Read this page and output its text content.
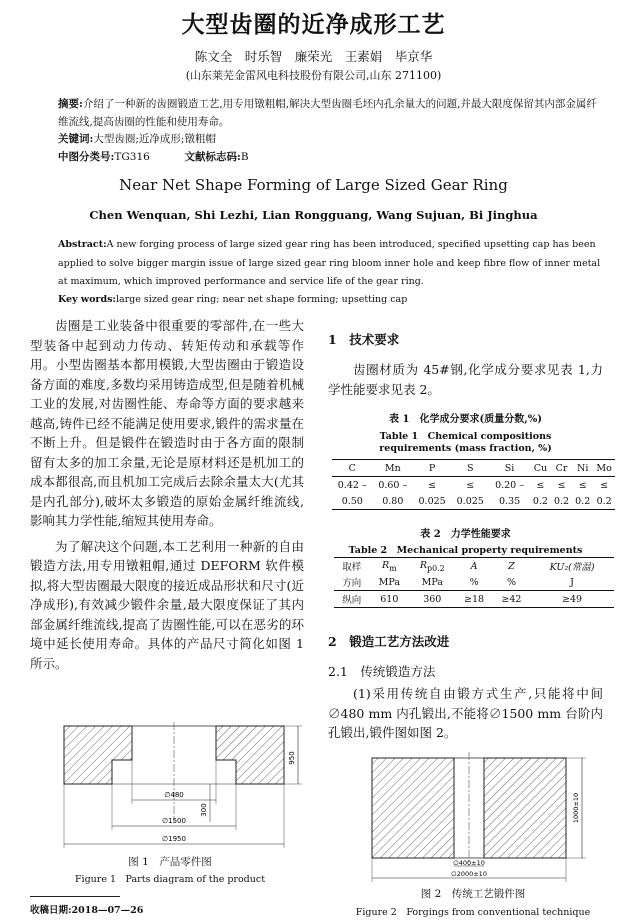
大型齿圈的近净成形工艺
陈文全　时乐智　廉荣光　王素娟　毕京华
(山东莱芜金雷风电科技股份有限公司,山东 271100)
摘要:介绍了一种新的齿圈锻造工艺,用专用镦粗帽,解决大型齿圈毛坯内孔余量大的问题,并最大限度保留其内部金属纤维流线,提高齿圈的性能和使用寿命。
关键词:大型齿圈;近净成形;镦粗帽
中图分类号:TG316	文献标志码:B
Near Net Shape Forming of Large Sized Gear Ring
Chen Wenquan, Shi Lezhi, Lian Rongguang, Wang Sujuan, Bi Jinghua
Abstract:A new forging process of large sized gear ring has been introduced, specified upsetting cap has been applied to solve bigger margin issue of large sized gear ring bloom inner hole and keep fibre flow of inner metal at maximum, which improved performance and service life of the gear ring.
Key words:large sized gear ring; near net shape forming; upsetting cap

齿圈是工业装备中很重要的零部件,在一些大型装备中起到动力传动、转矩传动和承载等作用。小型齿圈基本都用模锻,大型齿圈由于锻造设备方面的难度,多数均采用铸造成型,但是随着机械工业的发展,对齿圈性能、寿命等方面的要求越来越高,铸件已经不能满足使用要求,锻件的需求量在不断上升。但是锻件在锻造时由于各方面的限制留有太多的加工余量,无论是原材料还是机加工的成本都很高,而且机加工完成后去除余量太大(尤其是内孔部分),破坏太多锻造的原始金属纤维流线,影响其力学性能,缩短其使用寿命。

为了解决这个问题,本工艺利用一种新的自由锻造方法,用专用镦粗帽,通过 DEFORM 软件模拟,将大型齿圈最大限度的接近成品形状和尺寸(近净成形),有效减少锻件余量,最大限度保证了其内部金属纤维流线,提高了齿圈性能,可以在恶劣的环境中延长使用寿命。具体的产品尺寸简化如图 1 所示。

∅480
∅1500
∅1950
300
950
图 1　产品零件图
Figure 1　Parts diagram of the product
收稿日期:2018—07—26
1　技术要求
齿圈材质为 45#钢,化学成分要求见表 1,力学性能要求见表 2。
表 1　化学成分要求(质量分数,%)
Table 1　Chemical compositions
requirements (mass fraction, %)
C	Mn	P	S	Si	Cu	Cr	Ni	Mo
0.42 –	0.60 –	≤	≤	0.20 –	≤	≤	≤	≤
0.50	0.80	0.025	0.025	0.35	0.2	0.2	0.2	0.2
表 2　力学性能要求
Table 2　Mechanical property requirements
取样	$R_m$	$R_{p0.2}$	A	Z	KU₂(常温)
方向	MPa	MPa	%	%	J
纵向	610	360	≥18	≥42	≥49
2　锻造工艺方法改进
2.1　传统锻造方法
(1)采用传统自由锻方式生产,只能将中间 ∅480 mm 内孔锻出,不能将∅1500 mm 台阶内孔锻出,锻件图如图 2。
∅400±10
∅2000±10
1000±10
图 2　传统工艺锻件图
Figure 2　Forgings from conventional technique
